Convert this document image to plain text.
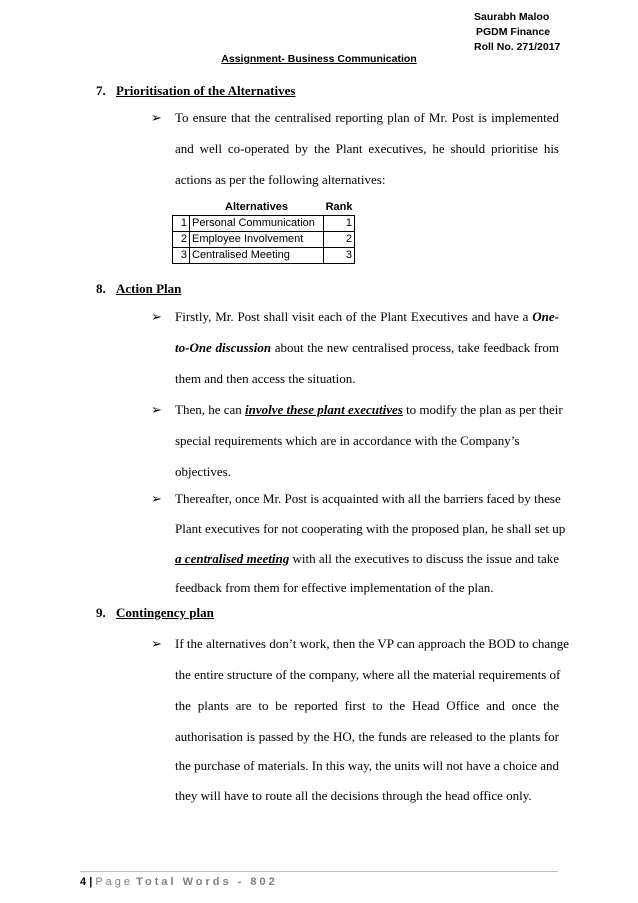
Saurabh Maloo
PGDM Finance
Roll No. 271/2017
Assignment- Business Communication
7. Prioritisation of the Alternatives
➢ To ensure that the centralised reporting plan of Mr. Post is implemented
and well co-operated by the Plant executives, he should prioritise his
actions as per the following alternatives:
	Alternatives	Rank
1	Personal Communication	1
2	Employee Involvement	2
3	Centralised Meeting	3
8. Action Plan
➢ Firstly, Mr. Post shall visit each of the Plant Executives and have a One-
to-One discussion about the new centralised process, take feedback from
them and then access the situation.
➢ Then, he can involve these plant executives to modify the plan as per their
special requirements which are in accordance with the Company’s
objectives.
➢ Thereafter, once Mr. Post is acquainted with all the barriers faced by these
Plant executives for not cooperating with the proposed plan, he shall set up
a centralised meeting with all the executives to discuss the issue and take
feedback from them for effective implementation of the plan.
9. Contingency plan
➢ If the alternatives don’t work, then the VP can approach the BOD to change
the entire structure of the company, where all the material requirements of
the plants are to be reported first to the Head Office and once the
authorisation is passed by the HO, the funds are released to the plants for
the purchase of materials. In this way, the units will not have a choice and
they will have to route all the decisions through the head office only.
4 | Page Total Words - 802
